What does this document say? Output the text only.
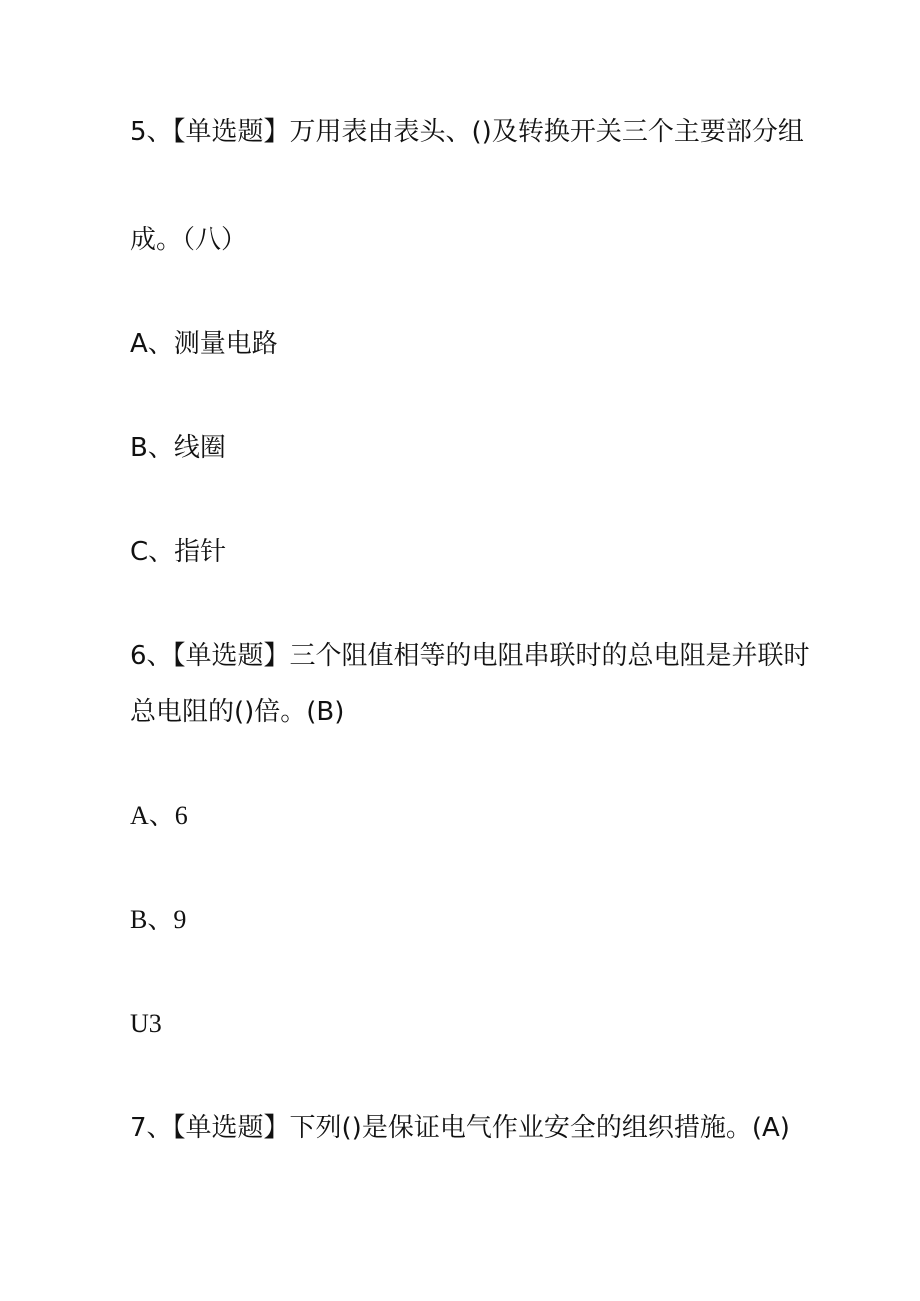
5、【单选题】万用表由表头、()及转换开关三个主要部分组
成。（八）
A、测量电路
B、线圈
C、指针
6、【单选题】三个阻值相等的电阻串联时的总电阻是并联时
总电阻的()倍。(B)
A、6
B、9
U3
7、【单选题】下列()是保证电气作业安全的组织措施。(A)
